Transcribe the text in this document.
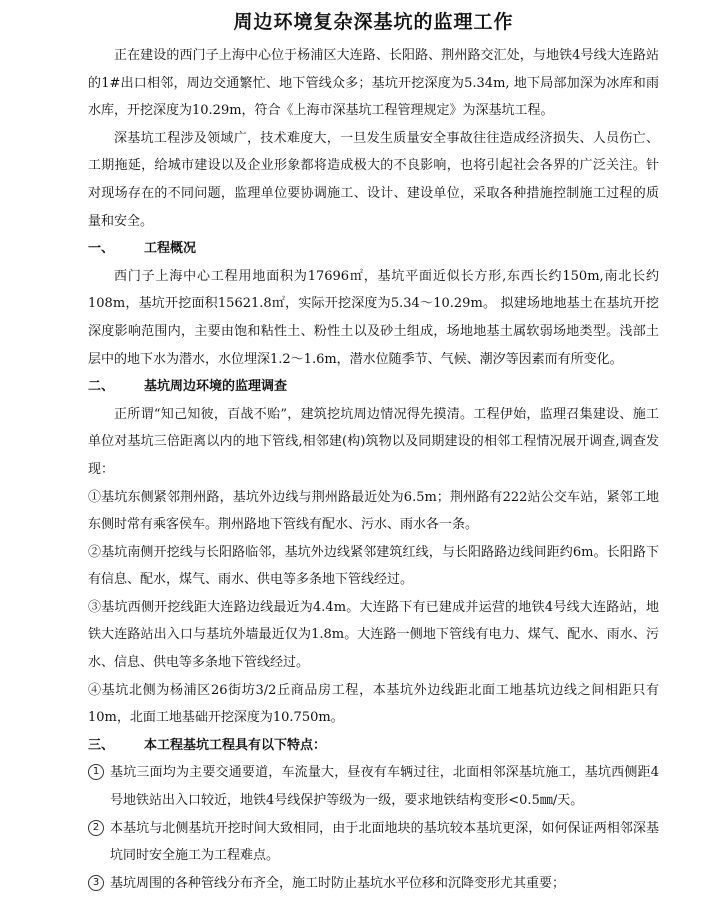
周边环境复杂深基坑的监理工作

正在建设的西门子上海中心位于杨浦区大连路、长阳路、荆州路交汇处，与地铁4号线大连路站的1#出口相邻，周边交通繁忙、地下管线众多；基坑开挖深度为5.34m, 地下局部加深为冰库和雨水库，开挖深度为10.29m，符合《上海市深基坑工程管理规定》为深基坑工程。

深基坑工程涉及领域广，技术难度大，一旦发生质量安全事故往往造成经济损失、人员伤亡、工期拖延，给城市建设以及企业形象都将造成极大的不良影响，也将引起社会各界的广泛关注。针对现场存在的不同问题，监理单位要协调施工、设计、建设单位，采取各种措施控制施工过程的质量和安全。

一、 工程概况

西门子上海中心工程用地面积为17696㎡，基坑平面近似长方形,东西长约150m,南北长约108m，基坑开挖面积15621.8㎡，实际开挖深度为5.34～10.29m。 拟建场地地基土在基坑开挖深度影响范围内，主要由饱和粘性土、粉性土以及砂土组成，场地地基土属软弱场地类型。浅部土层中的地下水为潜水，水位埋深1.2～1.6m，潜水位随季节、气候、潮汐等因素而有所变化。

二、 基坑周边环境的监理调查

正所谓“知己知彼，百战不贻”，建筑挖坑周边情况得先摸清。工程伊始，监理召集建设、施工单位对基坑三倍距离以内的地下管线,相邻建(构)筑物以及同期建设的相邻工程情况展开调查,调查发现：

①基坑东侧紧邻荆州路，基坑外边线与荆州路最近处为6.5m；荆州路有222站公交车站，紧邻工地东侧时常有乘客侯车。荆州路地下管线有配水、污水、雨水各一条。

②基坑南侧开挖线与长阳路临邻，基坑外边线紧邻建筑红线，与长阳路路边线间距约6m。长阳路下有信息、配水，煤气、雨水、供电等多条地下管线经过。

③基坑西侧开挖线距大连路边线最近为4.4m。大连路下有已建成并运营的地铁4号线大连路站，地铁大连路站出入口与基坑外墙最近仅为1.8m。大连路一侧地下管线有电力、煤气、配水、雨水、污水、信息、供电等多条地下管线经过。

④基坑北侧为杨浦区26街坊3/2丘商品房工程，本基坑外边线距北面工地基坑边线之间相距只有10m，北面工地基础开挖深度为10.750m。

三、 本工程基坑工程具有以下特点：

1 基坑三面均为主要交通要道，车流量大，昼夜有车辆过往，北面相邻深基坑施工，基坑西侧距4号地铁站出入口较近，地铁4号线保护等级为一级，要求地铁结构变形<0.5㎜/天。

2 本基坑与北侧基坑开挖时间大致相同，由于北面地块的基坑较本基坑更深，如何保证两相邻深基坑同时安全施工为工程难点。

3 基坑周围的各种管线分布齐全，施工时防止基坑水平位移和沉降变形尤其重要；
